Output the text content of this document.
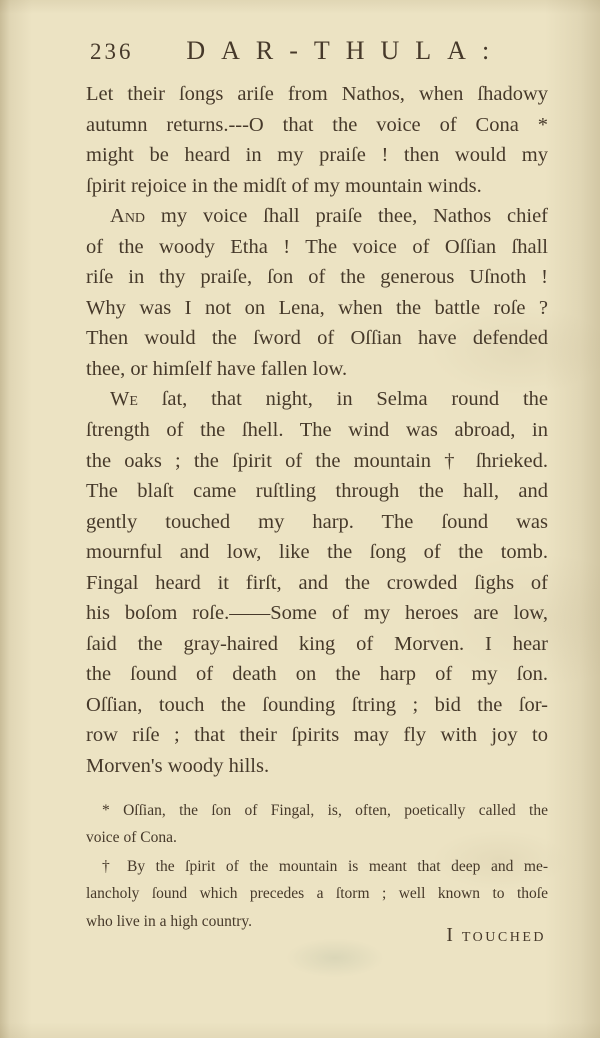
236	DAR-THULA:
Let their ſongs ariſe from Nathos, when ſhadowy
autumn returns.---O that the voice of Cona *
might be heard in my praiſe ! then would my
ſpirit rejoice in the midſt of my mountain winds.
And my voice ſhall praiſe thee, Nathos chief
of the woody Etha ! The voice of Oſſian ſhall
riſe in thy praiſe, ſon of the generous Uſnoth !
Why was I not on Lena, when the battle roſe ?
Then would the ſword of Oſſian have defended
thee, or himſelf have fallen low.
We ſat, that night, in Selma round the
ſtrength of the ſhell. The wind was abroad, in
the oaks ; the ſpirit of the mountain † ſhrieked.
The blaſt came ruſtling through the hall, and
gently touched my harp. The ſound was
mournful and low, like the ſong of the tomb.
Fingal heard it firſt, and the crowded ſighs of
his boſom roſe.——Some of my heroes are low,
ſaid the gray-haired king of Morven. I hear
the ſound of death on the harp of my ſon.
Oſſian, touch the ſounding ſtring ; bid the ſor-
row riſe ; that their ſpirits may fly with joy to
Morven's woody hills.
* Oſſian, the ſon of Fingal, is, often, poetically called the
voice of Cona.
† By the ſpirit of the mountain is meant that deep and me-
lancholy ſound which precedes a ſtorm ; well known to thoſe
who live in a high country.
I touched
